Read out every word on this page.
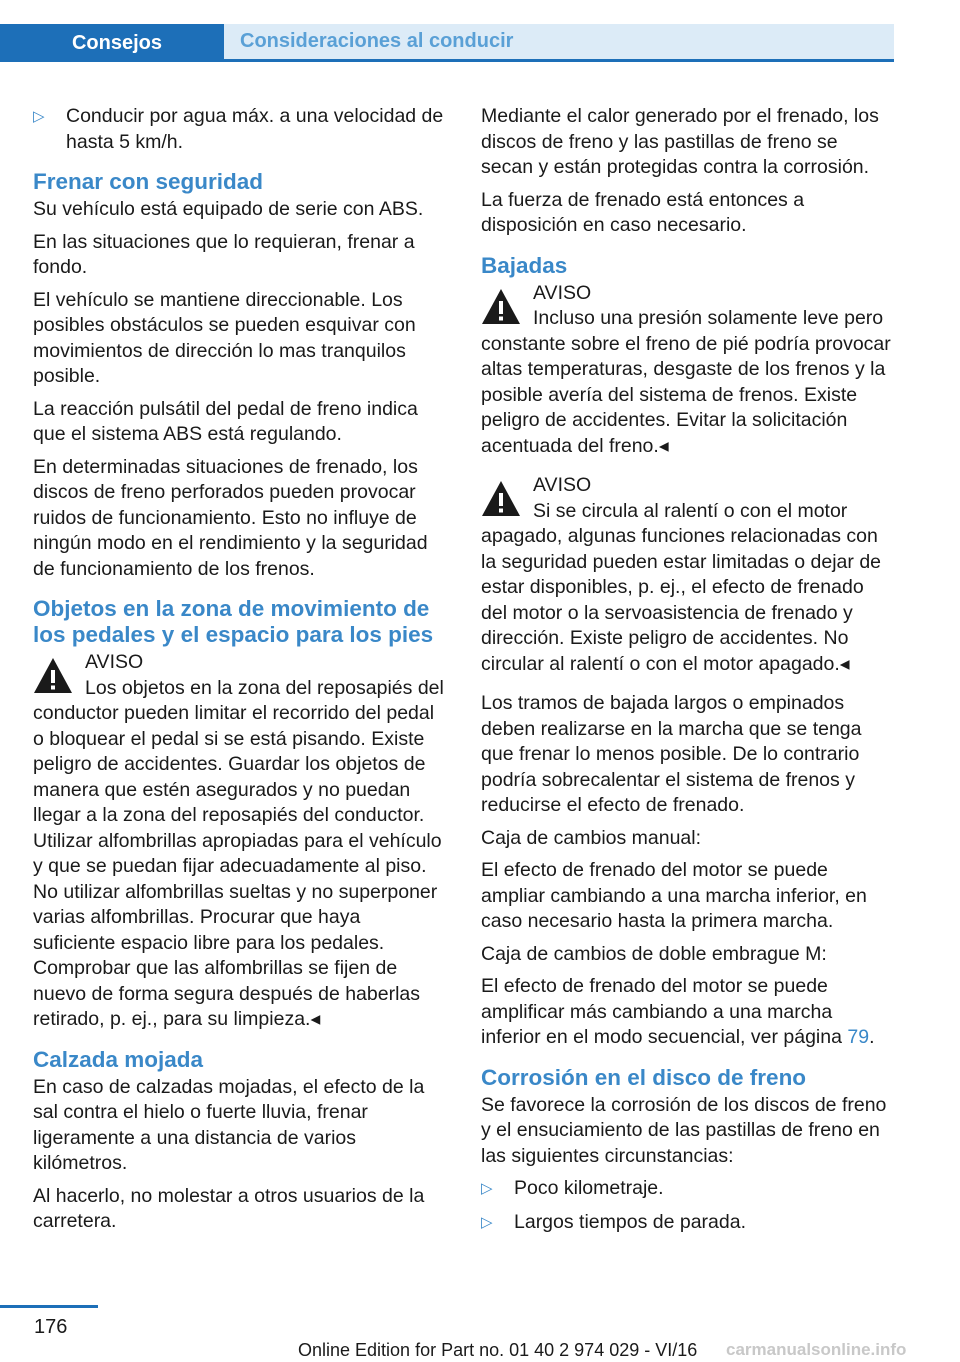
Consejos	Consideraciones al conducir
▷	Conducir por agua máx. a una velocidad de hasta 5 km/h.
Frenar con seguridad

Su vehículo está equipado de serie con ABS.

En las situaciones que lo requieran, frenar a fondo.

El vehículo se mantiene direccionable. Los posibles obstáculos se pueden esquivar con movimientos de dirección lo mas tranquilos posible.

La reacción pulsátil del pedal de freno indica que el sistema ABS está regulando.

En determinadas situaciones de frenado, los discos de freno perforados pueden provocar ruidos de funcionamiento. Esto no influye de ningún modo en el rendimiento y la seguridad de funcionamiento de los frenos.

Objetos en la zona de movimiento de los pedales y el espacio para los pies
AVISO
Los objetos en la zona del reposapiés del conductor pueden limitar el recorrido del pedal o bloquear el pedal si se está pisando. Existe peligro de accidentes. Guardar los objetos de manera que estén asegurados y no puedan llegar a la zona del reposapiés del conductor. Utilizar alfombrillas apropiadas para el vehículo y que se puedan fijar adecuadamente al piso. No utilizar alfombrillas sueltas y no superponer varias alfombrillas. Procurar que haya suficiente espacio libre para los pedales. Comprobar que las alfombrillas se fijen de nuevo de forma segura después de haberlas retirado, p. ej., para su limpieza.◂
Calzada mojada

En caso de calzadas mojadas, el efecto de la sal contra el hielo o fuerte lluvia, frenar ligeramente a una distancia de varios kilómetros.

Al hacerlo, no molestar a otros usuarios de la carretera.

Mediante el calor generado por el frenado, los discos de freno y las pastillas de freno se secan y están protegidas contra la corrosión.

La fuerza de frenado está entonces a disposición en caso necesario.

Bajadas
AVISO
Incluso una presión solamente leve pero constante sobre el freno de pié podría provocar altas temperaturas, desgaste de los frenos y la posible avería del sistema de frenos. Existe peligro de accidentes. Evitar la solicitación acentuada del freno.◂
AVISO
Si se circula al ralentí o con el motor apagado, algunas funciones relacionadas con la seguridad pueden estar limitadas o dejar de estar disponibles, p. ej., el efecto de frenado del motor o la servoasistencia de frenado y dirección. Existe peligro de accidentes. No circular al ralentí o con el motor apagado.◂

Los tramos de bajada largos o empinados deben realizarse en la marcha que se tenga que frenar lo menos posible. De lo contrario podría sobrecalentar el sistema de frenos y reducirse el efecto de frenado.

Caja de cambios manual:

El efecto de frenado del motor se puede ampliar cambiando a una marcha inferior, en caso necesario hasta la primera marcha.

Caja de cambios de doble embrague M:

El efecto de frenado del motor se puede amplificar más cambiando a una marcha inferior en el modo secuencial, ver página 79.

Corrosión en el disco de freno

Se favorece la corrosión de los discos de freno y el ensuciamiento de las pastillas de freno en las siguientes circunstancias:

▷	Poco kilometraje.
▷	Largos tiempos de parada.
176
Online Edition for Part no. 01 40 2 974 029 - VI/16 carmanualsonline.info
